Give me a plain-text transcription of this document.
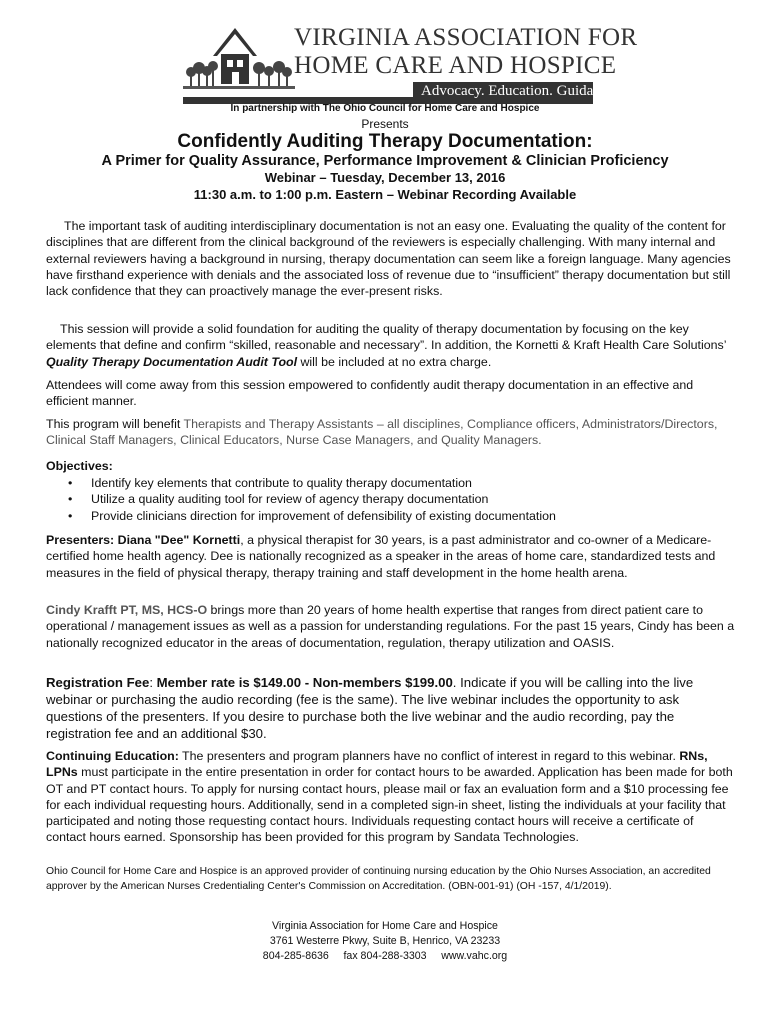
VIRGINIA ASSOCIATION FOR
HOME CARE AND HOSPICE
Advocacy. Education. Guidance.
In partnership with The Ohio Council for Home Care and Hospice
Presents
Confidently Auditing Therapy Documentation:
A Primer for Quality Assurance, Performance Improvement & Clinician Proficiency
Webinar – Tuesday, December 13, 2016
11:30 a.m. to 1:00 p.m. Eastern – Webinar Recording Available

The important task of auditing interdisciplinary documentation is not an easy one. Evaluating the quality of the content for disciplines that are different from the clinical background of the reviewers is especially challenging. With many internal and external reviewers having a background in nursing, therapy documentation can seem like a foreign language. Many agencies have firsthand experience with denials and the associated loss of revenue due to “insufficient” therapy documentation but still lack confidence that they can proactively manage the ever-present risks.

This session will provide a solid foundation for auditing the quality of therapy documentation by focusing on the key elements that define and confirm “skilled, reasonable and necessary”. In addition, the Kornetti & Kraft Health Care Solutions’ Quality Therapy Documentation Audit Tool will be included at no extra charge.

Attendees will come away from this session empowered to confidently audit therapy documentation in an effective and efficient manner.

This program will benefit Therapists and Therapy Assistants – all disciplines, Compliance officers, Administrators/Directors, Clinical Staff Managers, Clinical Educators, Nurse Case Managers, and Quality Managers.

Objectives:
• Identify key elements that contribute to quality therapy documentation
• Utilize a quality auditing tool for review of agency therapy documentation
• Provide clinicians direction for improvement of defensibility of existing documentation

Presenters: Diana "Dee" Kornetti, a physical therapist for 30 years, is a past administrator and co-owner of a Medicare-certified home health agency. Dee is nationally recognized as a speaker in the areas of home care, standardized tests and measures in the field of physical therapy, therapy training and staff development in the home health arena.

Cindy Krafft PT, MS, HCS-O brings more than 20 years of home health expertise that ranges from direct patient care to operational / management issues as well as a passion for understanding regulations. For the past 15 years, Cindy has been a nationally recognized educator in the areas of documentation, regulation, therapy utilization and OASIS.

Registration Fee: Member rate is $149.00 - Non-members $199.00. Indicate if you will be calling into the live webinar or purchasing the audio recording (fee is the same). The live webinar includes the opportunity to ask questions of the presenters. If you desire to purchase both the live webinar and the audio recording, pay the registration fee and an additional $30.

Continuing Education: The presenters and program planners have no conflict of interest in regard to this webinar. RNs, LPNs must participate in the entire presentation in order for contact hours to be awarded. Application has been made for both OT and PT contact hours. To apply for nursing contact hours, please mail or fax an evaluation form and a $10 processing fee for each individual requesting hours. Additionally, send in a completed sign-in sheet, listing the individuals at your facility that participated and noting those requesting contact hours. Individuals requesting contact hours will receive a certificate of contact hours earned. Sponsorship has been provided for this program by Sandata Technologies.

Ohio Council for Home Care and Hospice is an approved provider of continuing nursing education by the Ohio Nurses Association, an accredited approver by the American Nurses Credentialing Center's Commission on Accreditation. (OBN-001-91) (OH -157, 4/1/2019).
Virginia Association for Home Care and Hospice
3761 Westerre Pkwy, Suite B, Henrico, VA 23233
804-285-8636     fax 804-288-3303     www.vahc.org
